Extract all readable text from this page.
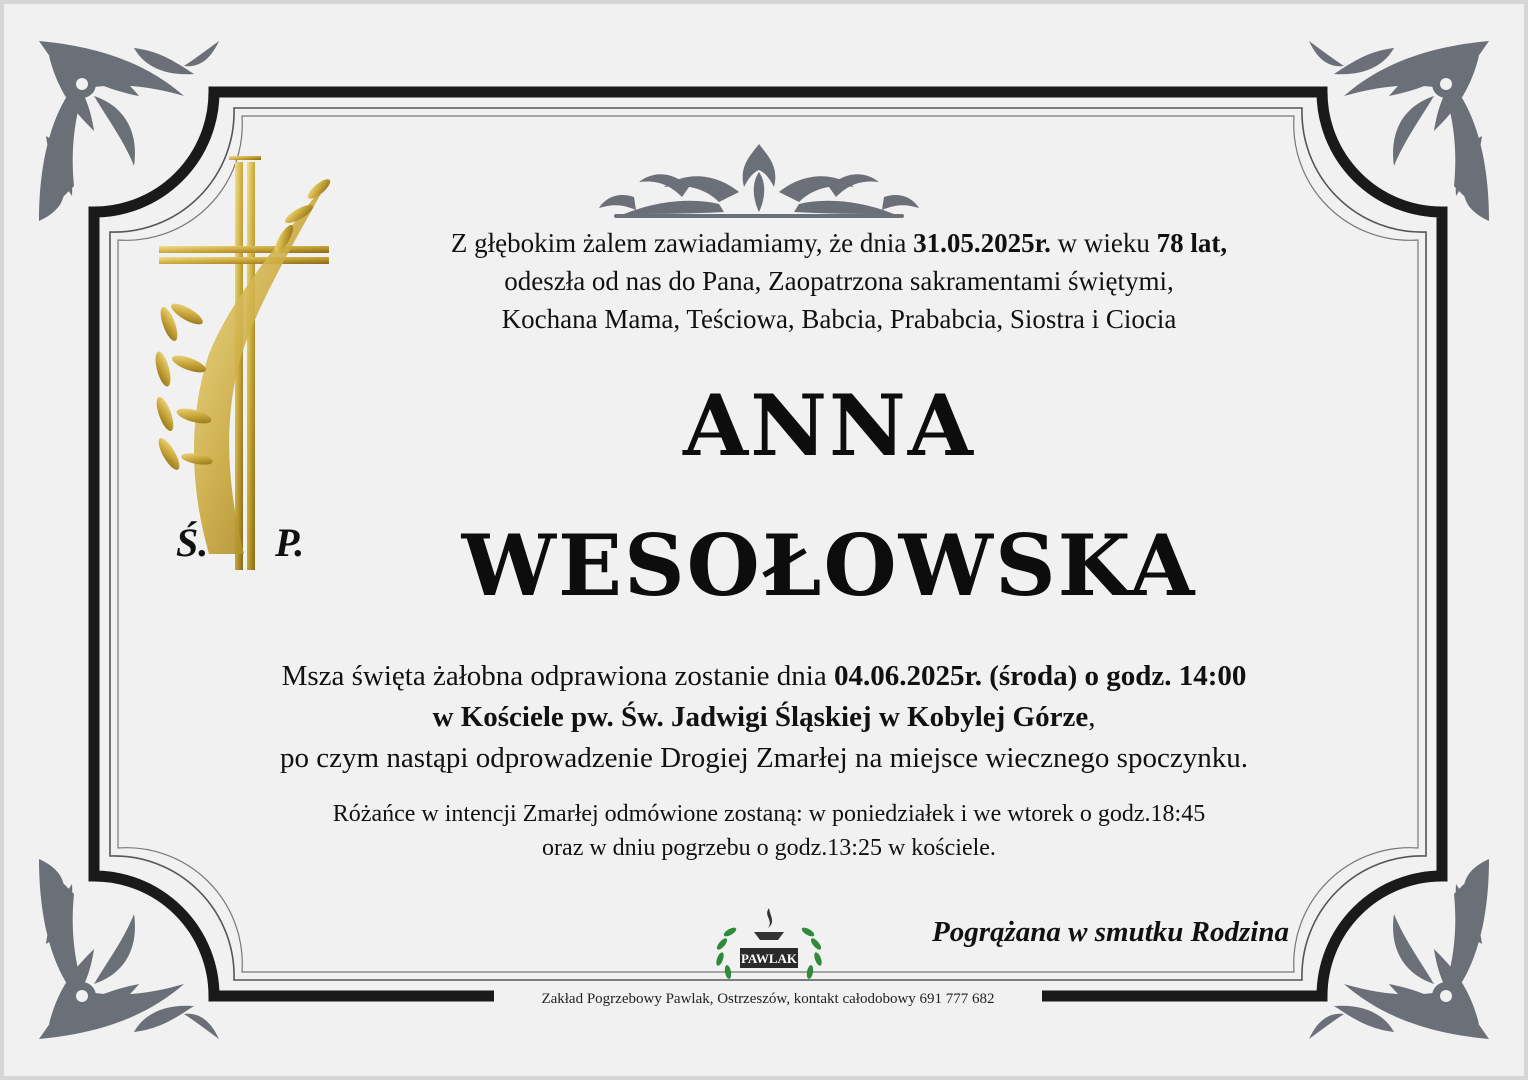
Ś. P.
Z głębokim żalem zawiadamiamy, że dnia 31.05.2025r. w wieku 78 lat,
odeszła od nas do Pana, Zaopatrzona sakramentami świętymi,
Kochana Mama, Teściowa, Babcia, Prababcia, Siostra i Ciocia
ANNA
WESOŁOWSKA
Msza święta żałobna odprawiona zostanie dnia 04.06.2025r. (środa) o godz. 14:00
w Kościele pw. Św. Jadwigi Śląskiej w Kobylej Górze,
po czym nastąpi odprowadzenie Drogiej Zmarłej na miejsce wiecznego spoczynku.
Różańce w intencji Zmarłej odmówione zostaną: w poniedziałek i we wtorek o godz.18:45
oraz w dniu pogrzebu o godz.13:25 w kościele.
PAWLAK
Pogrążana w smutku Rodzina
Zakład Pogrzebowy Pawlak, Ostrzeszów, kontakt całodobowy 691 777 682
